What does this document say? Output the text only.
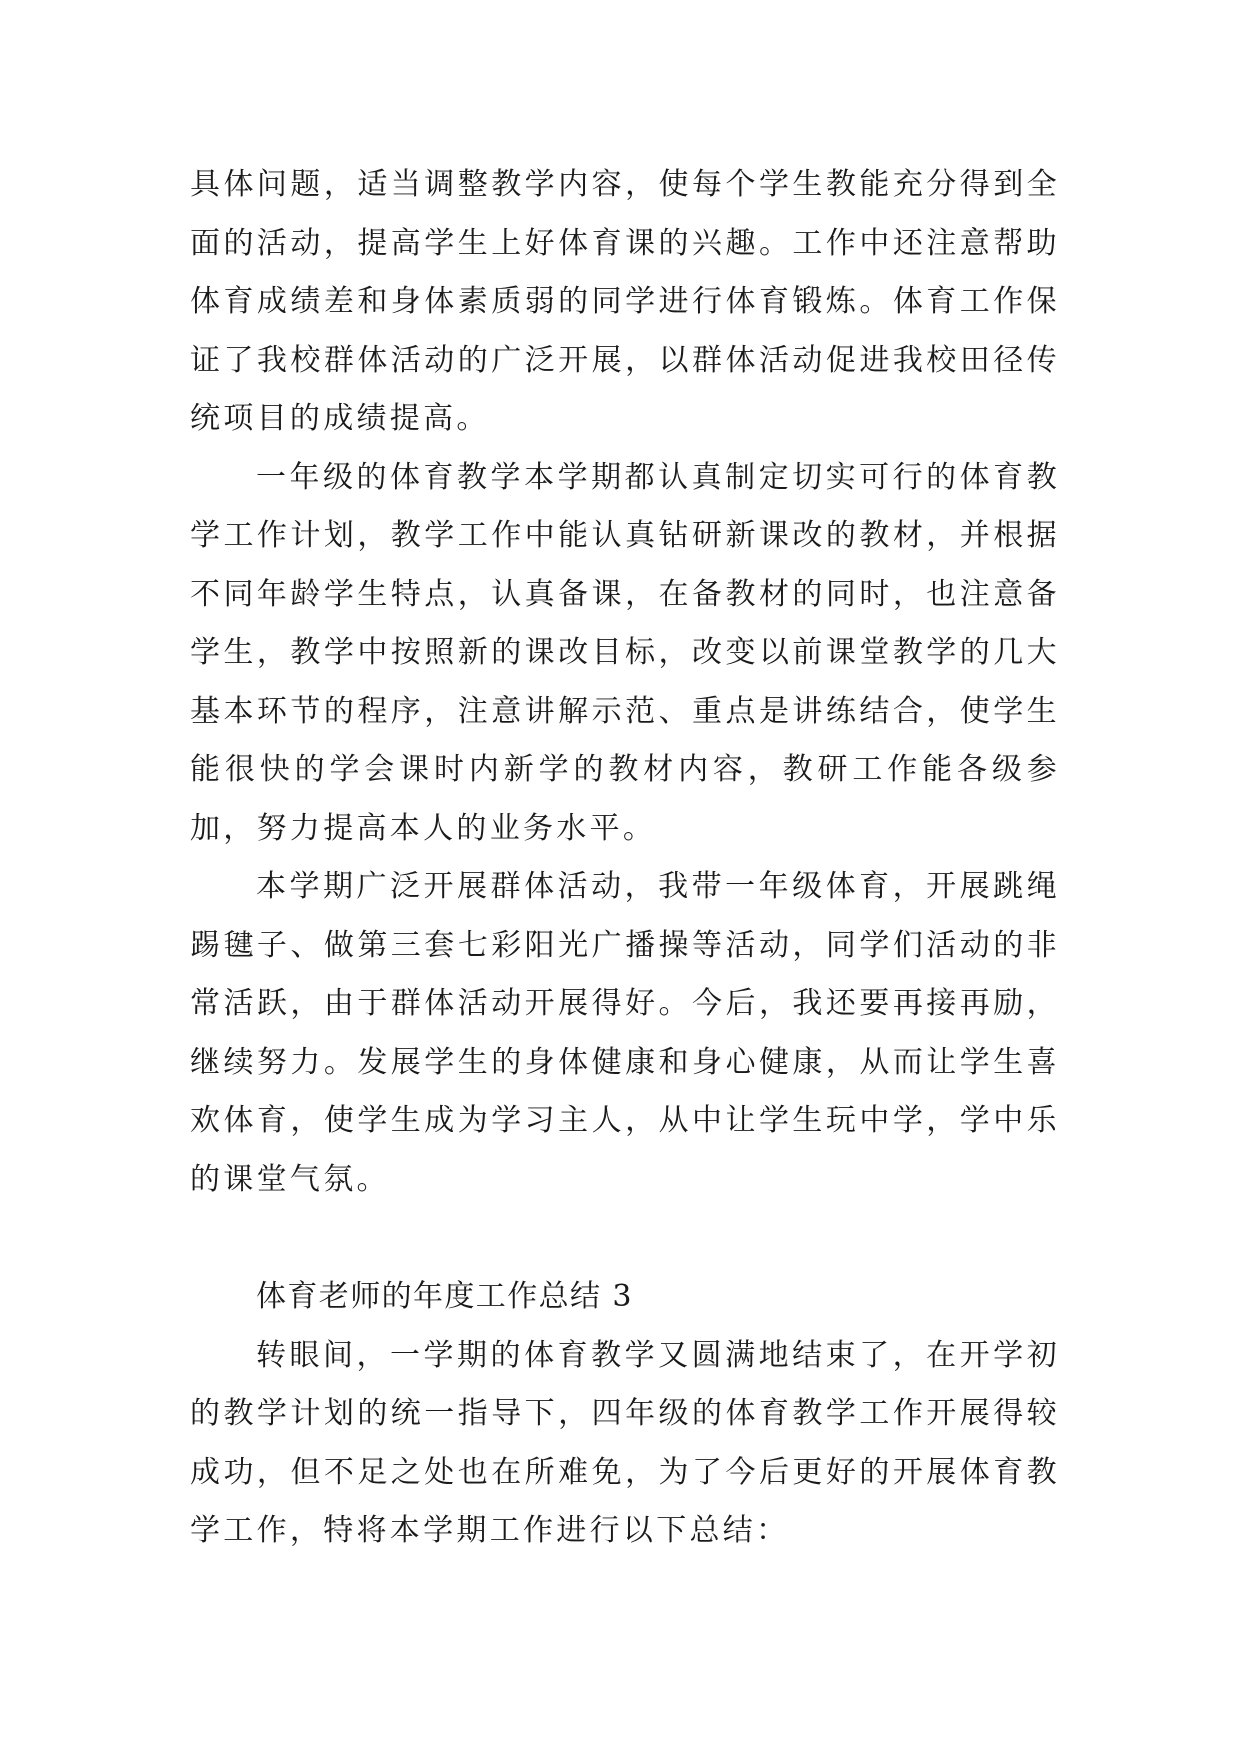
具体问题，适当调整教学内容，使每个学生教能充分得到全面的活动，提高学生上好体育课的兴趣。工作中还注意帮助体育成绩差和身体素质弱的同学进行体育锻炼。体育工作保证了我校群体活动的广泛开展，以群体活动促进我校田径传统项目的成绩提高。

一年级的体育教学本学期都认真制定切实可行的体育教学工作计划，教学工作中能认真钻研新课改的教材，并根据不同年龄学生特点，认真备课，在备教材的同时，也注意备学生，教学中按照新的课改目标，改变以前课堂教学的几大基本环节的程序，注意讲解示范、重点是讲练结合，使学生能很快的学会课时内新学的教材内容，教研工作能各级参加，努力提高本人的业务水平。

本学期广泛开展群体活动，我带一年级体育，开展跳绳踢毽子、做第三套七彩阳光广播操等活动，同学们活动的非常活跃，由于群体活动开展得好。今后，我还要再接再励，继续努力。发展学生的身体健康和身心健康，从而让学生喜欢体育，使学生成为学习主人，从中让学生玩中学，学中乐的课堂气氛。

体育老师的年度工作总结 3

转眼间，一学期的体育教学又圆满地结束了，在开学初的教学计划的统一指导下，四年级的体育教学工作开展得较成功，但不足之处也在所难免，为了今后更好的开展体育教学工作，特将本学期工作进行以下总结：
